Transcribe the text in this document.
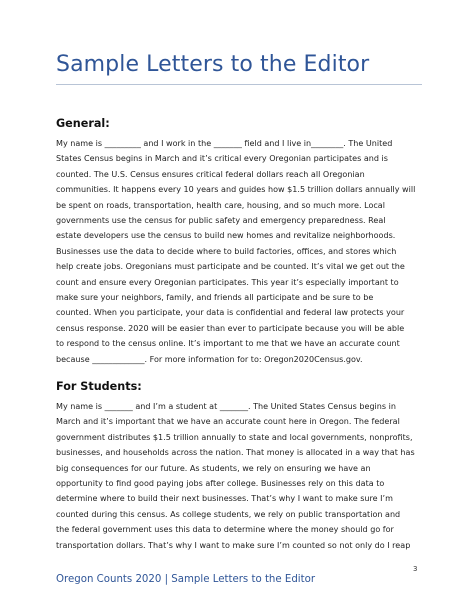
Sample Letters to the Editor
General:
My name is _________ and I work in the _______ field and I live in________. The United
States Census begins in March and it’s critical every Oregonian participates and is
counted. The U.S. Census ensures critical federal dollars reach all Oregonian
communities. It happens every 10 years and guides how $1.5 trillion dollars annually will
be spent on roads, transportation, health care, housing, and so much more. Local
governments use the census for public safety and emergency preparedness. Real
estate developers use the census to build new homes and revitalize neighborhoods.
Businesses use the data to decide where to build factories, offices, and stores which
help create jobs. Oregonians must participate and be counted. It’s vital we get out the
count and ensure every Oregonian participates. This year it’s especially important to
make sure your neighbors, family, and friends all participate and be sure to be
counted. When you participate, your data is confidential and federal law protects your
census response. 2020 will be easier than ever to participate because you will be able
to respond to the census online. It’s important to me that we have an accurate count
because _____________. For more information for to: Oregon2020Census.gov.
For Students:
My name is _______ and I’m a student at _______. The United States Census begins in
March and it’s important that we have an accurate count here in Oregon. The federal
government distributes $1.5 trillion annually to state and local governments, nonprofits,
businesses, and households across the nation. That money is allocated in a way that has
big consequences for our future. As students, we rely on ensuring we have an
opportunity to find good paying jobs after college. Businesses rely on this data to
determine where to build their next businesses. That’s why I want to make sure I’m
counted during this census. As college students, we rely on public transportation and
the federal government uses this data to determine where the money should go for
transportation dollars. That’s why I want to make sure I’m counted so not only do I reap
3
Oregon Counts 2020 | Sample Letters to the Editor
